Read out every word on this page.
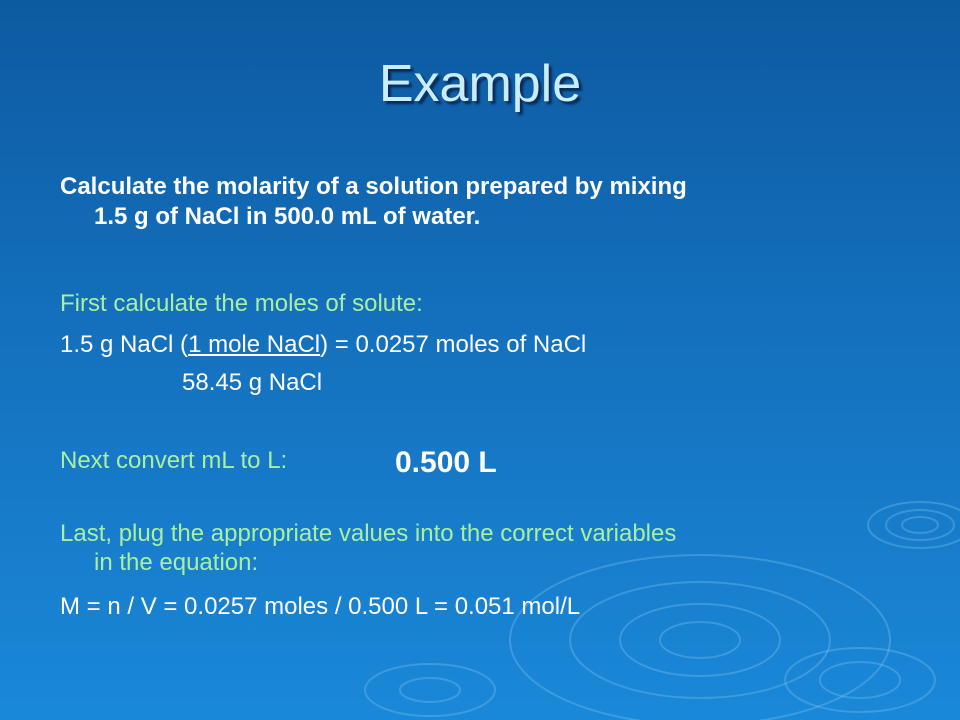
Example
Calculate the molarity of a solution prepared by mixing
1.5 g of NaCl in 500.0 mL of water.
First calculate the moles of solute:
1.5 g NaCl (1 mole NaCl) = 0.0257 moles of NaCl
58.45 g NaCl
Next convert mL to L:	0.500 L
Last, plug the appropriate values into the correct variables
in the equation:
M = n / V = 0.0257 moles / 0.500 L = 0.051 mol/L
